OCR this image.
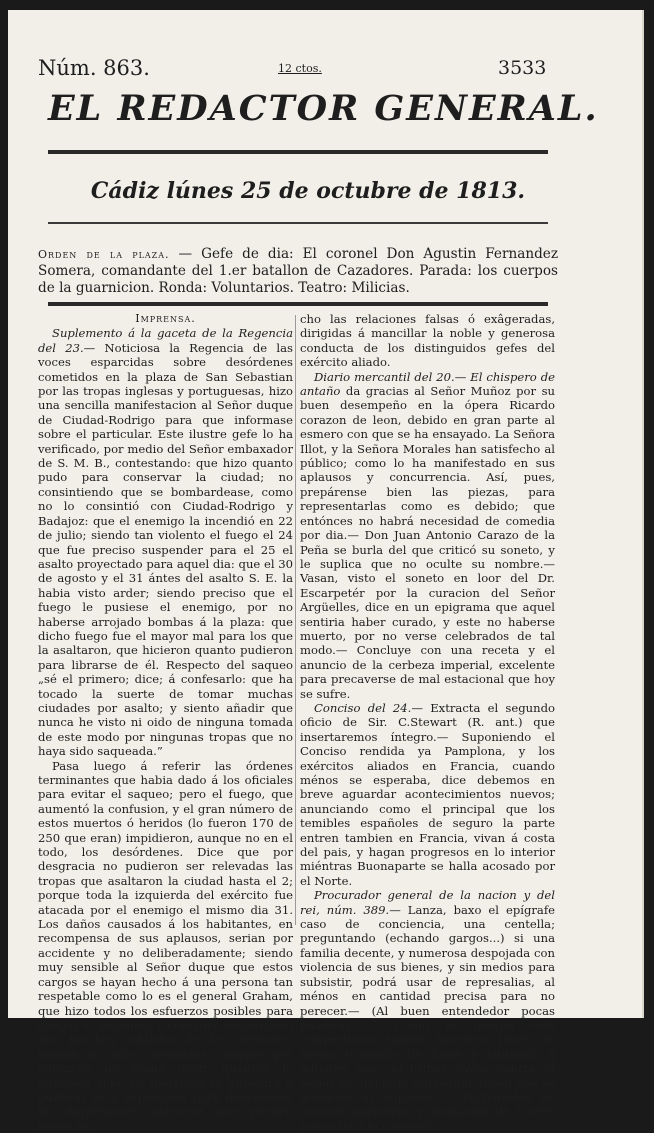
Núm. 863.	12 ctos.	3533
EL REDACTOR GENERAL.
Cádiz lúnes 25 de octubre de 1813.
Orden de la plaza. — Gefe de dia: El coronel Don Agustin Fernandez Somera, comandante del 1.er batallon de Cazadores. Parada: los cuerpos de la guarnicion. Ronda: Voluntarios. Teatro: Milicias.

Imprensa.

Suplemento á la gaceta de la Regencia del 23.— Noticiosa la Regencia de las voces esparcidas sobre desórdenes cometidos en la plaza de San Sebastian por las tropas inglesas y portuguesas, hizo una sencilla manifestacion al Señor duque de Ciudad-Rodrigo para que informase sobre el particular. Este ilustre gefe lo ha verificado, por medio del Señor embaxador de S. M. B., contestando: que hizo quanto pudo para conservar la ciudad; no consintiendo que se bombardease, como no lo consintió con Ciudad-Rodrigo y Badajoz: que el enemigo la incendió en 22 de julio; siendo tan violento el fuego el 24 que fue preciso suspender para el 25 el asalto proyectado para aquel dia: que el 30 de agosto y el 31 ántes del asalto S. E. la habia visto arder; siendo preciso que el fuego le pusiese el enemigo, por no haberse arrojado bombas á la plaza: que dicho fuego fue el mayor mal para los que la asaltaron, que hicieron quanto pudieron para librarse de él. Respecto del saqueo „sé el primero; dice; á confesarlo: que ha tocado la suerte de tomar muchas ciudades por asalto; y siento añadir que nunca he visto ni oido de ninguna tomada de este modo por ningunas tropas que no haya sido saqueada.”

Pasa luego á referir las órdenes terminantes que habia dado á los oficiales para evitar el saqueo; pero el fuego, que aumentó la confusion, y el gran número de estos muertos ó heridos (lo fueron 170 de 250 que eran) impidieron, aunque no en el todo, los desórdenes. Dice que por desgracia no pudieron ser relevadas las tropas que asaltaron la ciudad hasta el 2; porque toda la izquierda del exército fue atacada por el enemigo el mismo dia 31. Los daños causados á los habitantes, en recompensa de sus aplausos, serian por accidente y no deliberadamente; siendo muy sensible al Señor duque que estos cargos se hayan hecho á una persona tan respetable como lo es el general Graham, que hizo todos los esfuerzos posibles para apagar el incendio; y concluye asegurando que muchos soldados de los ofensores habian ya sido castigados, aunque por entonces no podia decir quántos lo hubiesen sido. La Regencia se apresura á publicar esta exposicion para desvanecer las impresiones siniestras que pueden haber he-

cho las relaciones falsas ó exâgeradas, dirigidas á mancillar la noble y generosa conducta de los distinguidos gefes del exército aliado.

Diario mercantil del 20.— El chispero de antaño da gracias al Señor Muñoz por su buen desempeño en la ópera Ricardo corazon de leon, debido en gran parte al esmero con que se ha ensayado. La Señora Illot, y la Señora Morales han satisfecho al público; como lo ha manifestado en sus aplausos y concurrencia. Así, pues, prepárense bien las piezas, para representarlas como es debido; que entónces no habrá necesidad de comedia por dia.— Don Juan Antonio Carazo de la Peña se burla del que criticó su soneto, y le suplica que no oculte su nombre.— Vasan, visto el soneto en loor del Dr. Escarpetér por la curacion del Señor Argüelles, dice en un epigrama que aquel sentiria haber curado, y este no haberse muerto, por no verse celebrados de tal modo.— Concluye con una receta y el anuncio de la cerbeza imperial, excelente para precaverse de mal estacional que hoy se sufre.

Conciso del 24.— Extracta el segundo oficio de Sir. C.Stewart (R. ant.) que insertaremos íntegro.— Suponiendo el Conciso rendida ya Pamplona, y los exércitos aliados en Francia, cuando ménos se esperaba, dice debemos en breve aguardar acontecimientos nuevos; anunciando como el principal que los temibles españoles de seguro la parte entren tambien en Francia, vivan á costa del pais, y hagan progresos en lo interior miéntras Buonaparte se halla acosado por el Norte.

Procurador general de la nacion y del rei, núm. 389.— Lanza, baxo el epígrafe caso de conciencia, una centella; preguntando (echando gargos...) si una familia decente, y numerosa despojada con violencia de sus bienes, y sin medios para subsistir, podrá usar de represalias, al ménos en cantidad precisa para no perecer.— (Al buen entendedor pocas palabras...)— Como el tiempo está tempestuoso siguen nuestros Jóves de buena tronando de firme y vibrando á millares sus culebrinas rayos contra el Señor ex-diputado Zurraquin, dicen que se acomodó es supuesto.— Turbonadas de noticias madrinas, y granizada de Cortes pouco ha á la tormenta.
